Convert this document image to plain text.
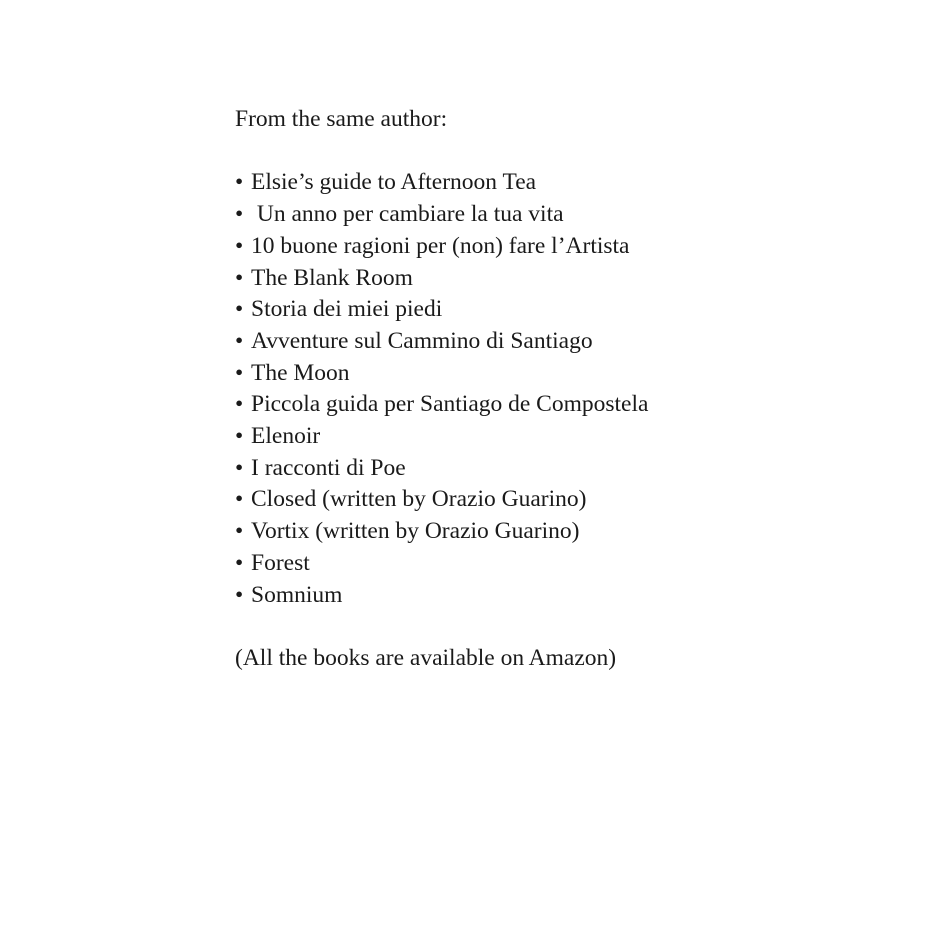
From the same author:

• Elsie’s guide to Afternoon Tea
• Un anno per cambiare la tua vita
• 10 buone ragioni per (non) fare l’Artista
• The Blank Room
• Storia dei miei piedi
• Avventure sul Cammino di Santiago
• The Moon
• Piccola guida per Santiago de Compostela
• Elenoir
• I racconti di Poe
• Closed (written by Orazio Guarino)
• Vortix (written by Orazio Guarino)
• Forest
• Somnium

(All the books are available on Amazon)
